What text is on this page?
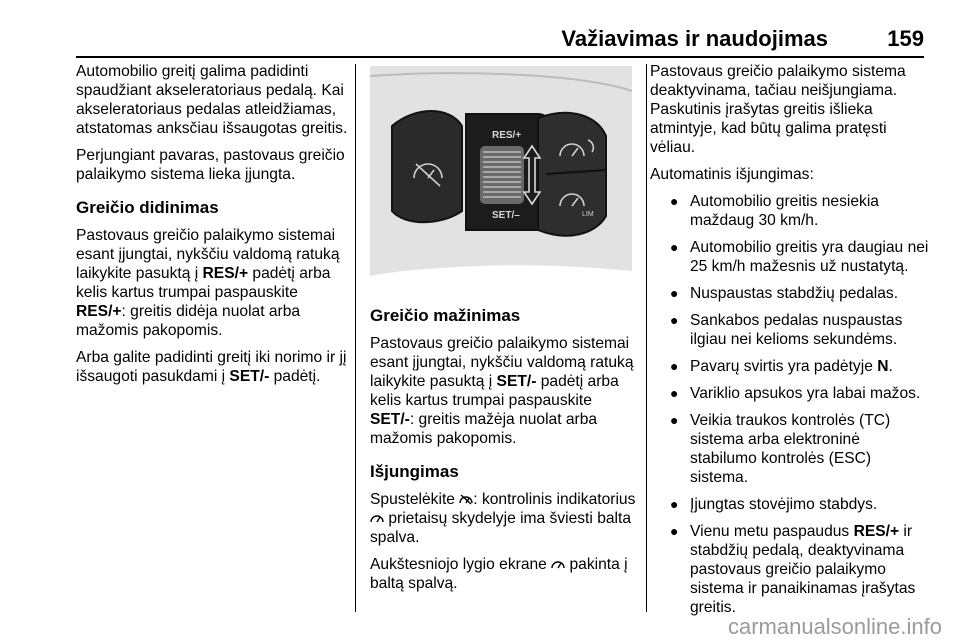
Važiavimas ir naudojimas	159

Automobilio greitį galima padidinti spaudžiant akseleratoriaus pedalą. Kai akseleratoriaus pedalas atleidžiamas, atstatomas anksčiau išsaugotas greitis.

Perjungiant pavaras, pastovaus greičio palaikymo sistema lieka įjungta.

Greičio didinimas

Pastovaus greičio palaikymo sistemai esant įjungtai, nykščiu valdomą ratuką laikykite pasuktą į RES/+ padėtį arba kelis kartus trumpai paspauskite RES/+: greitis didėja nuolat arba mažomis pakopomis.

Arba galite padidinti greitį iki norimo ir jį išsaugoti pasukdami į SET/- padėtį.

RES/+
SET/–	LIM
Greičio mažinimas

Pastovaus greičio palaikymo sistemai esant įjungtai, nykščiu valdomą ratuką laikykite pasuktą į SET/- padėtį arba kelis kartus trumpai paspauskite SET/-: greitis mažėja nuolat arba mažomis pakopomis.

Išjungimas

Spustelėkite : kontrolinis indikatorius  prietaisų skydelyje ima šviesti balta spalva.

Aukštesniojo lygio ekrane  pakinta į baltą spalvą.

Pastovaus greičio palaikymo sistema deaktyvinama, tačiau neišjungiama. Paskutinis įrašytas greitis išlieka atmintyje, kad būtų galima pratęsti vėliau.

Automatinis išjungimas:

● Automobilio greitis nesiekia maždaug 30 km/h.
● Automobilio greitis yra daugiau nei 25 km/h mažesnis už nustatytą.
● Nuspaustas stabdžių pedalas.
● Sankabos pedalas nuspaustas ilgiau nei kelioms sekundėms.
● Pavarų svirtis yra padėtyje N.
● Variklio apsukos yra labai mažos.
● Veikia traukos kontrolės (TC) sistema arba elektroninė stabilumo kontrolės (ESC) sistema.
● Įjungtas stovėjimo stabdys.
● Vienu metu paspaudus RES/+ ir stabdžių pedalą, deaktyvinama pastovaus greičio palaikymo sistema ir panaikinamas įrašytas greitis.
carmanualsonline.info
